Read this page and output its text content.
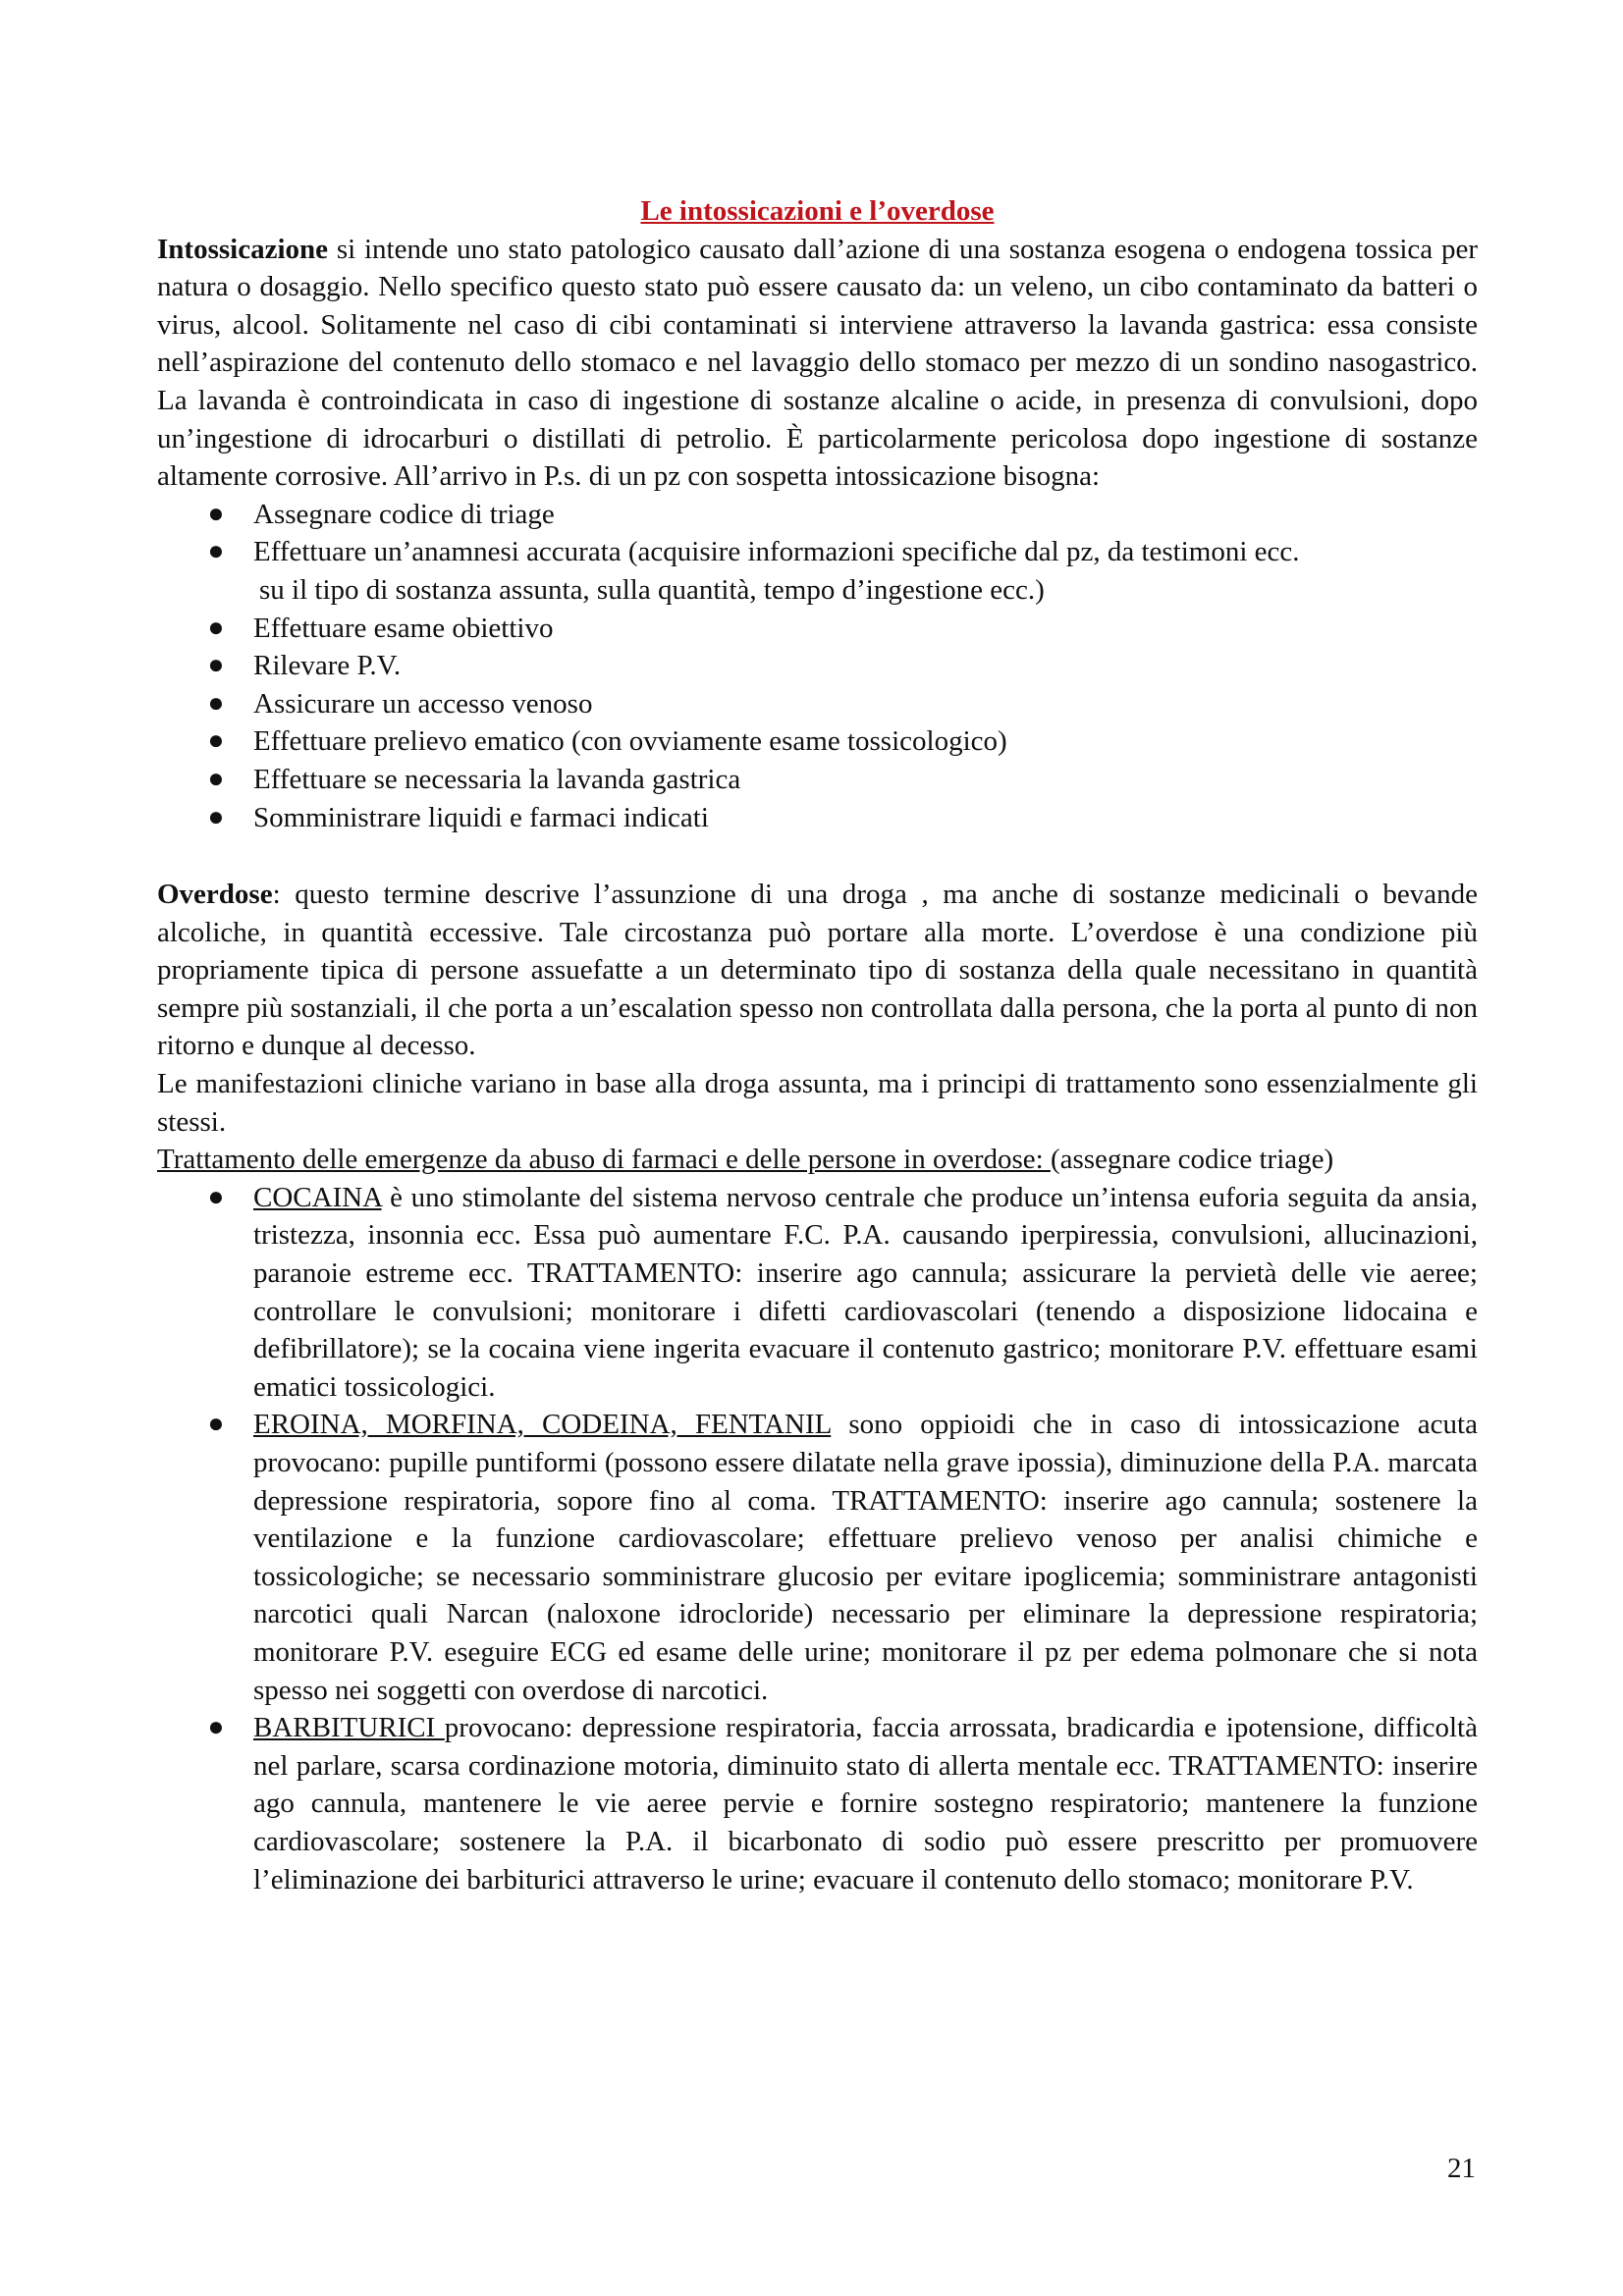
Le intossicazioni e l’overdose

Intossicazione si intende uno stato patologico causato dall’azione di una sostanza esogena o endogena tossica per natura o dosaggio. Nello specifico questo stato può essere causato da: un veleno, un cibo contaminato da batteri o virus, alcool. Solitamente nel caso di cibi contaminati si interviene attraverso la lavanda gastrica: essa consiste nell’aspirazione del contenuto dello stomaco e nel lavaggio dello stomaco per mezzo di un sondino nasogastrico. La lavanda è controindicata in caso di ingestione di sostanze alcaline o acide, in presenza di convulsioni, dopo un’ingestione di idrocarburi o distillati di petrolio. È particolarmente pericolosa dopo ingestione di sostanze altamente corrosive. All’arrivo in P.s. di un pz con sospetta intossicazione bisogna:

● Assegnare codice di triage
● Effettuare un’anamnesi accurata (acquisire informazioni specifiche dal pz, da testimoni ecc.
su il tipo di sostanza assunta, sulla quantità, tempo d’ingestione ecc.)
● Effettuare esame obiettivo
● Rilevare P.V.
● Assicurare un accesso venoso
● Effettuare prelievo ematico (con ovviamente esame tossicologico)
● Effettuare se necessaria la lavanda gastrica
● Somministrare liquidi e farmaci indicati

Overdose: questo termine descrive l’assunzione di una droga , ma anche di sostanze medicinali o bevande alcoliche, in quantità eccessive. Tale circostanza può portare alla morte. L’overdose è una condizione più propriamente tipica di persone assuefatte a un determinato tipo di sostanza della quale necessitano in quantità sempre più sostanziali, il che porta a un’escalation spesso non controllata dalla persona, che la porta al punto di non ritorno e dunque al decesso.

Le manifestazioni cliniche variano in base alla droga assunta, ma i principi di trattamento sono essenzialmente gli stessi.

Trattamento delle emergenze da abuso di farmaci e delle persone in overdose: (assegnare codice triage)

● COCAINA è uno stimolante del sistema nervoso centrale che produce un’intensa euforia seguita da ansia, tristezza, insonnia ecc. Essa può aumentare F.C. P.A. causando iperpiressia, convulsioni, allucinazioni, paranoie estreme ecc. TRATTAMENTO: inserire ago cannula; assicurare la pervietà delle vie aeree; controllare le convulsioni; monitorare i difetti cardiovascolari (tenendo a disposizione lidocaina e defibrillatore); se la cocaina viene ingerita evacuare il contenuto gastrico; monitorare P.V. effettuare esami ematici tossicologici.
● EROINA, MORFINA, CODEINA, FENTANIL sono oppioidi che in caso di intossicazione acuta provocano: pupille puntiformi (possono essere dilatate nella grave ipossia), diminuzione della P.A. marcata depressione respiratoria, sopore fino al coma. TRATTAMENTO: inserire ago cannula; sostenere la ventilazione e la funzione cardiovascolare; effettuare prelievo venoso per analisi chimiche e tossicologiche; se necessario somministrare glucosio per evitare ipoglicemia; somministrare antagonisti narcotici quali Narcan (naloxone idrocloride) necessario per eliminare la depressione respiratoria; monitorare P.V. eseguire ECG ed esame delle urine; monitorare il pz per edema polmonare che si nota spesso nei soggetti con overdose di narcotici.
● BARBITURICI provocano: depressione respiratoria, faccia arrossata, bradicardia e ipotensione, difficoltà nel parlare, scarsa cordinazione motoria, diminuito stato di allerta mentale ecc. TRATTAMENTO: inserire ago cannula, mantenere le vie aeree pervie e fornire sostegno respiratorio; mantenere la funzione cardiovascolare; sostenere la P.A. il bicarbonato di sodio può essere prescritto per promuovere l’eliminazione dei barbiturici attraverso le urine; evacuare il contenuto dello stomaco; monitorare P.V.
21
